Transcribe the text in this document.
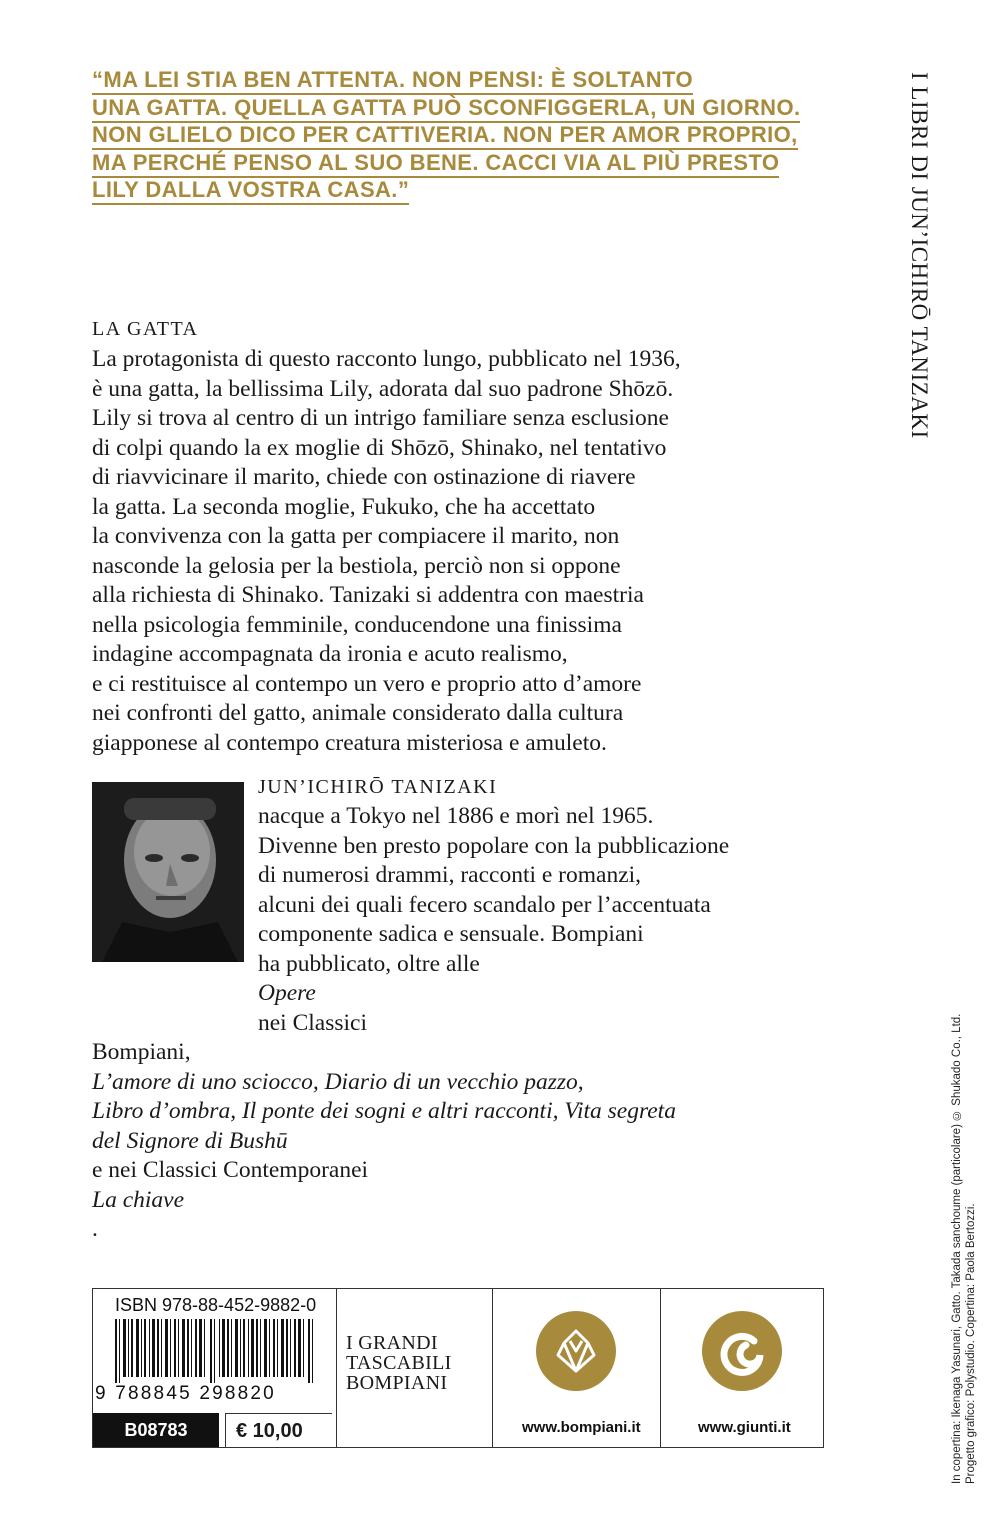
“MA LEI STIA BEN ATTENTA. NON PENSI: È SOLTANTO
UNA GATTA. QUELLA GATTA PUÒ SCONFIGGERLA, UN GIORNO.
NON GLIELO DICO PER CATTIVERIA. NON PER AMOR PROPRIO,
MA PERCHÉ PENSO AL SUO BENE. CACCI VIA AL PIÙ PRESTO
LILY DALLA VOSTRA CASA.”	I LIBRI DI JUN’ICHIRŌ TANIZAKI
LA GATTA
La protagonista di questo racconto lungo, pubblicato nel 1936,
è una gatta, la bellissima Lily, adorata dal suo padrone Shōzō.
Lily si trova al centro di un intrigo familiare senza esclusione
di colpi quando la ex moglie di Shōzō, Shinako, nel tentativo
di riavvicinare il marito, chiede con ostinazione di riavere
la gatta. La seconda moglie, Fukuko, che ha accettato
la convivenza con la gatta per compiacere il marito, non
nasconde la gelosia per la bestiola, perciò non si oppone
alla richiesta di Shinako. Tanizaki si addentra con maestria
nella psicologia femminile, conducendone una finissima
indagine accompagnata da ironia e acuto realismo,
e ci restituisce al contempo un vero e proprio atto d’amore
nei confronti del gatto, animale considerato dalla cultura
giapponese al contempo creatura misteriosa e amuleto.
JUN’ICHIRŌ TANIZAKI
nacque a Tokyo nel 1886 e morì nel 1965.
Divenne ben presto popolare con la pubblicazione
di numerosi drammi, racconti e romanzi,
alcuni dei quali fecero scandalo per l’accentuata
componente sadica e sensuale. Bompiani
ha pubblicato, oltre alle
Opere
nei Classici
Bompiani,
L’amore di uno sciocco, Diario di un vecchio pazzo,
Libro d’ombra, Il ponte dei sogni e altri racconti, Vita segreta
del Signore di Bushū
e nei Classici Contemporanei
La chiave
.	In copertina: Ikenaga Yasunari, Gatto. Takada sanchoume (particolare) © Shukado Co., Ltd. Progetto grafico: Polystudio. Copertina: Paola Bertozzi.
ISBN 978-88-452-9882-0
9 788845 298820
B08783	€ 10,00
I GRANDI
TASCABILI
BOMPIANI
www.bompiani.it	www.giunti.it
